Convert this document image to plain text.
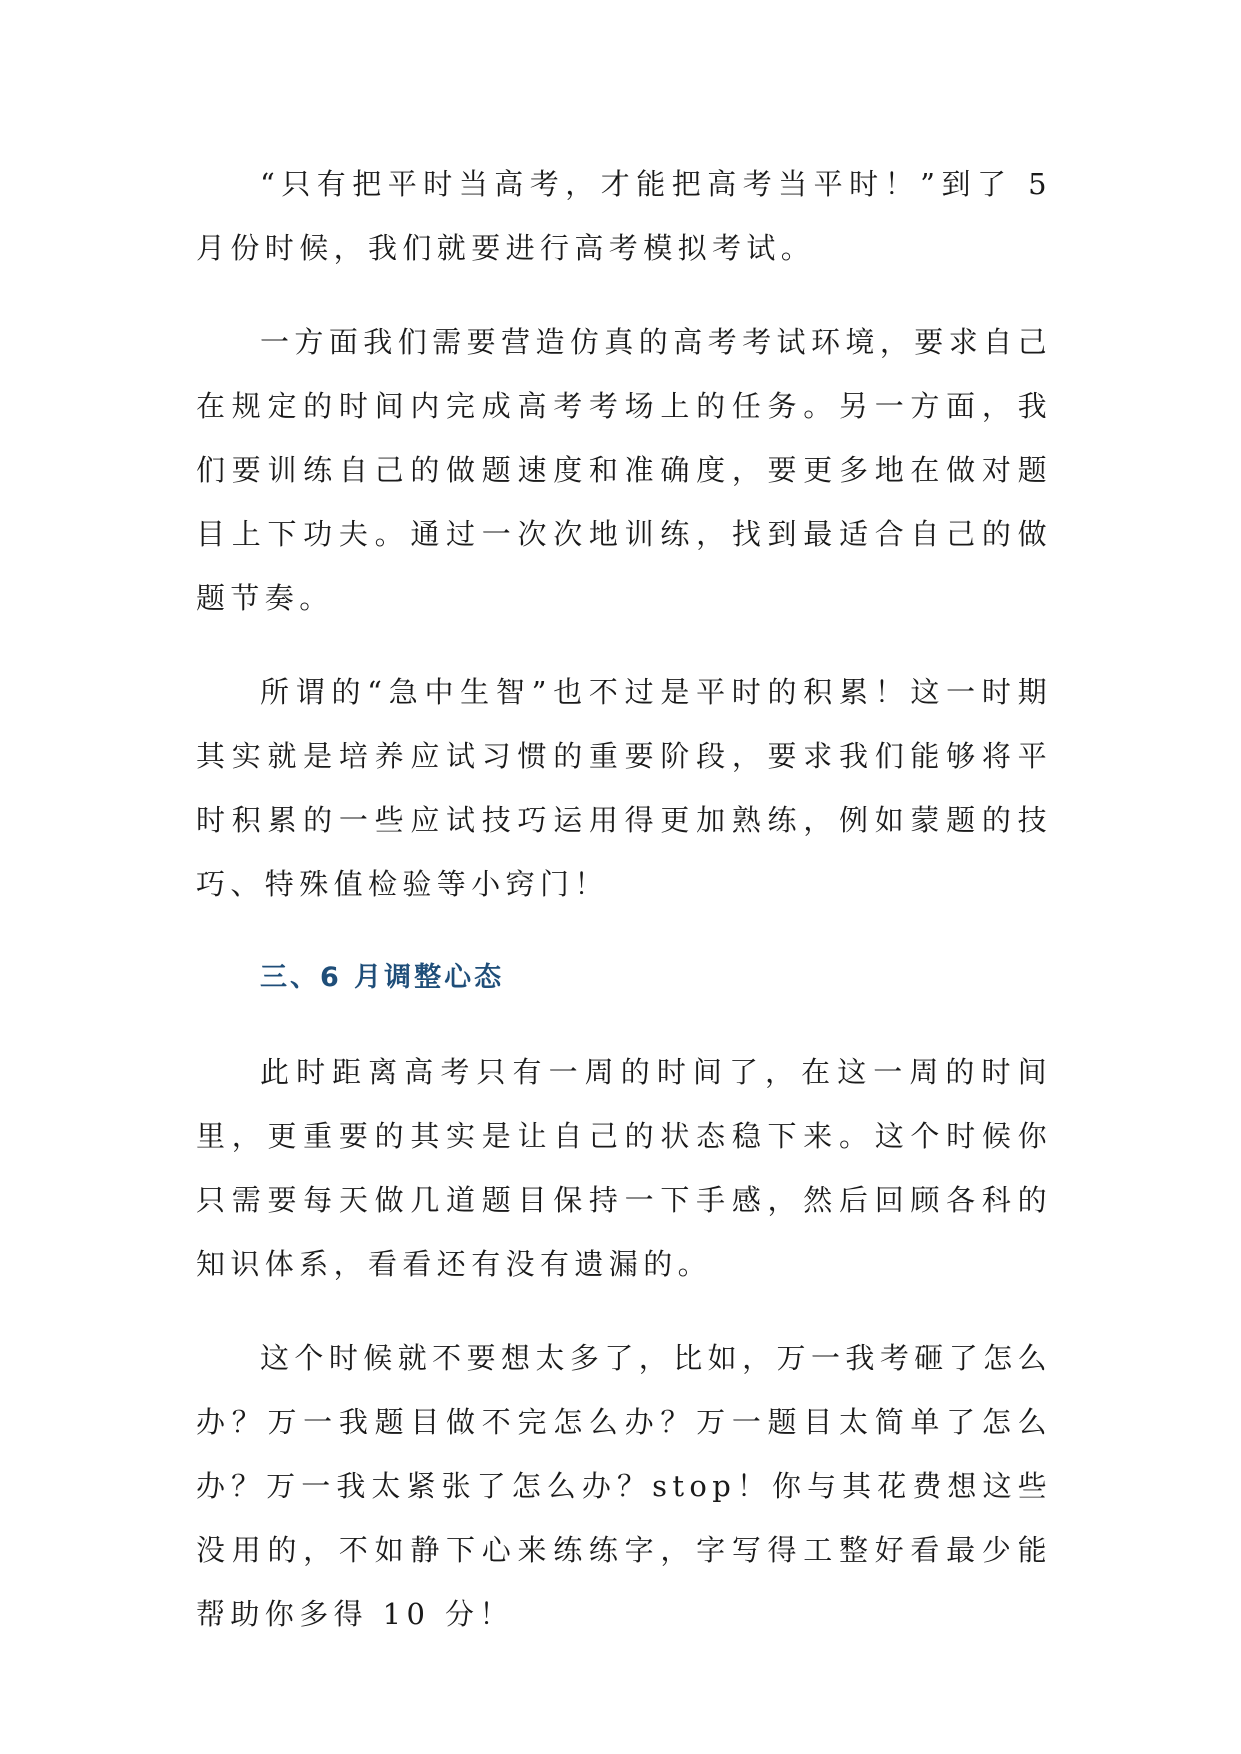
“只有把平时当高考，才能把高考当平时！”到了 5 月份时候，我们就要进行高考模拟考试。

一方面我们需要营造仿真的高考考试环境，要求自己在规定的时间内完成高考考场上的任务。另一方面，我们要训练自己的做题速度和准确度，要更多地在做对题目上下功夫。通过一次次地训练，找到最适合自己的做题节奏。

所谓的“急中生智”也不过是平时的积累！这一时期其实就是培养应试习惯的重要阶段，要求我们能够将平时积累的一些应试技巧运用得更加熟练，例如蒙题的技巧、特殊值检验等小窍门！

三、6 月调整心态

此时距离高考只有一周的时间了，在这一周的时间里，更重要的其实是让自己的状态稳下来。这个时候你只需要每天做几道题目保持一下手感，然后回顾各科的知识体系，看看还有没有遗漏的。

这个时候就不要想太多了，比如，万一我考砸了怎么办？万一我题目做不完怎么办？万一题目太简单了怎么办？万一我太紧张了怎么办？stop！你与其花费想这些没用的，不如静下心来练练字，字写得工整好看最少能帮助你多得 10 分！
